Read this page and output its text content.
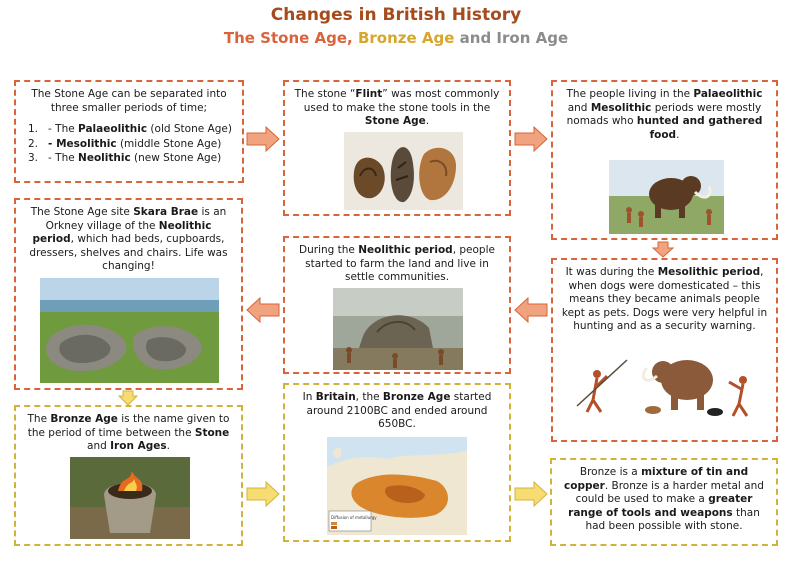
Changes in British History
The Stone Age, Bronze Age and Iron Age
The Stone Age can be separated into three smaller periods of time;
1. - The Palaeolithic (old Stone Age)
2. - Mesolithic (middle Stone Age)
3. - The Neolithic (new Stone Age)
The stone “Flint” was most commonly used to make the stone tools in the Stone Age.
The people living in the Palaeolithic and Mesolithic periods were mostly nomads who hunted and gathered food.
The Stone Age site Skara Brae is an Orkney village of the Neolithic period, which had beds, cupboards, dressers, shelves and chairs. Life was changing!
During the Neolithic period, people started to farm the land and live in settle communities.	It was during the Mesolithic period, when dogs were domesticated – this means they became animals people kept as pets. Dogs were very helpful in hunting and as a security warning.
The Bronze Age is the name given to the period of time between the Stone and Iron Ages.
In Britain, the Bronze Age started around 2100BC and ended around 650BC.
Diffusion of metallurgy
Bronze is a mixture of tin and copper. Bronze is a harder metal and could be used to make a greater range of tools and weapons than had been possible with stone.
